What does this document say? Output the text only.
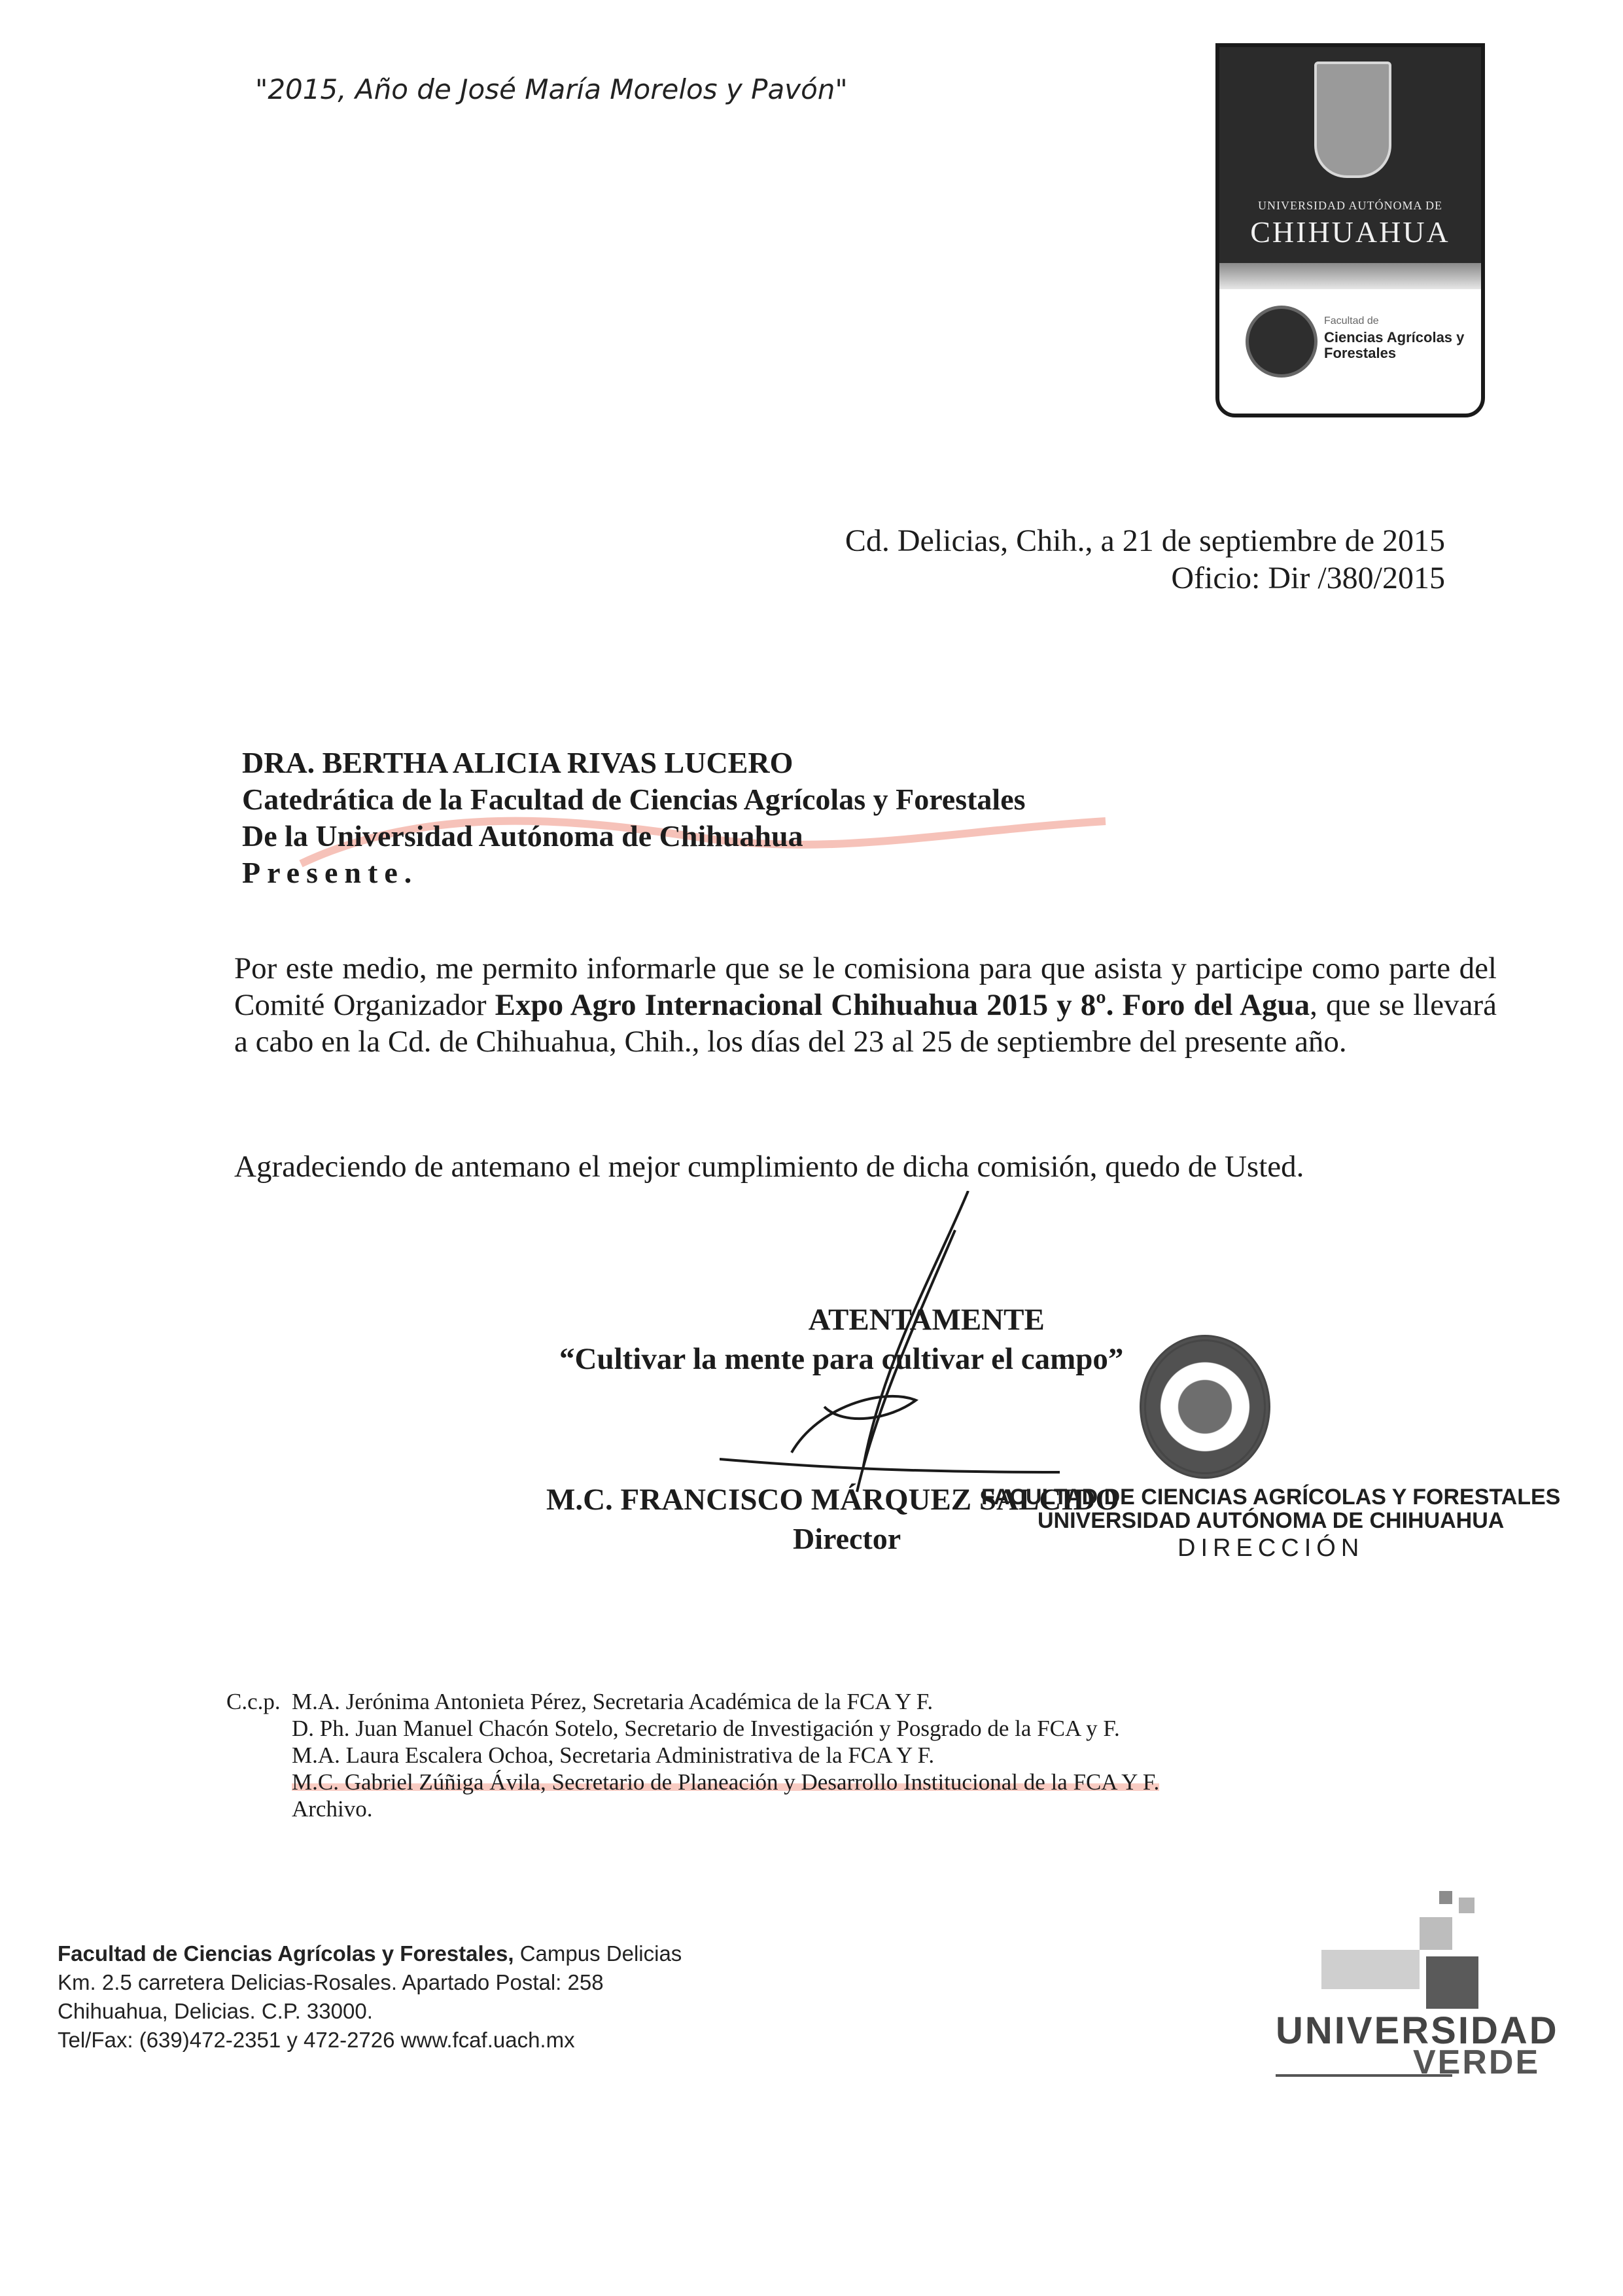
"2015, Año de José María Morelos y Pavón"
UNIVERSIDAD AUTÓNOMA DE
CHIHUAHUA
Facultad de
Ciencias Agrícolas y Forestales
Cd. Delicias, Chih., a 21 de septiembre de 2015
Oficio: Dir /380/2015
DRA. BERTHA ALICIA RIVAS LUCERO
Catedrática de la Facultad de Ciencias Agrícolas y Forestales
De la Universidad Autónoma de Chihuahua
Presente.
Por este medio, me permito informarle que se le comisiona para que asista y participe como parte del Comité Organizador Expo Agro Internacional Chihuahua 2015 y 8º. Foro del Agua, que se llevará a cabo en la Cd. de Chihuahua, Chih., los días del 23 al 25 de septiembre del presente año.
Agradeciendo de antemano el mejor cumplimiento de dicha comisión, quedo de Usted.
ATENTAMENTE
“Cultivar la mente para cultivar el campo”
M.C. FRANCISCO MÁRQUEZ SALCIDO
Director
FACULTAD DE CIENCIAS AGRÍCOLAS Y FORESTALES
UNIVERSIDAD AUTÓNOMA DE CHIHUAHUA
DIRECCIÓN
C.c.p. M.A. Jerónima Antonieta Pérez, Secretaria Académica de la FCA Y F.
D. Ph. Juan Manuel Chacón Sotelo, Secretario de Investigación y Posgrado de la FCA y F.
M.A. Laura Escalera Ochoa, Secretaria Administrativa de la FCA Y F.
M.C. Gabriel Zúñiga Ávila, Secretario de Planeación y Desarrollo Institucional de la FCA Y F.
Archivo.
Facultad de Ciencias Agrícolas y Forestales, Campus Delicias
Km. 2.5 carretera Delicias-Rosales. Apartado Postal: 258
Chihuahua, Delicias. C.P. 33000.
Tel/Fax: (639)472-2351 y 472-2726 www.fcaf.uach.mx	UNIVERSIDAD
VERDE
